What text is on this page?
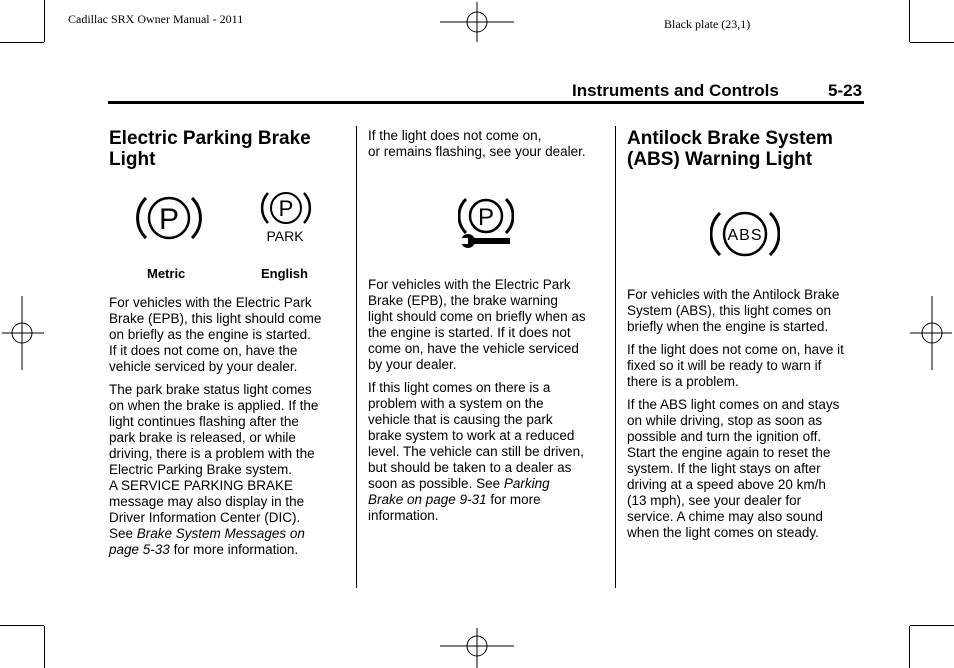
Cadillac SRX Owner Manual - 2011	Black plate (23,1)
Instruments and Controls	5-23
Electric Parking Brake
Light
P	P
PARK
Metric	English

For vehicles with the Electric Park
Brake (EPB), this light should come
on briefly as the engine is started.
If it does not come on, have the
vehicle serviced by your dealer.

The park brake status light comes
on when the brake is applied. If the
light continues flashing after the
park brake is released, or while
driving, there is a problem with the
Electric Parking Brake system.
A SERVICE PARKING BRAKE
message may also display in the
Driver Information Center (DIC).
See Brake System Messages on
page 5-33 for more information.

If the light does not come on,
or remains flashing, see your dealer.

P

For vehicles with the Electric Park
Brake (EPB), the brake warning
light should come on briefly when as
the engine is started. If it does not
come on, have the vehicle serviced
by your dealer.

If this light comes on there is a
problem with a system on the
vehicle that is causing the park
brake system to work at a reduced
level. The vehicle can still be driven,
but should be taken to a dealer as
soon as possible. See Parking
Brake on page 9-31 for more
information.

Antilock Brake System
(ABS) Warning Light
ABS

For vehicles with the Antilock Brake
System (ABS), this light comes on
briefly when the engine is started.

If the light does not come on, have it
fixed so it will be ready to warn if
there is a problem.

If the ABS light comes on and stays
on while driving, stop as soon as
possible and turn the ignition off.
Start the engine again to reset the
system. If the light stays on after
driving at a speed above 20 km/h
(13 mph), see your dealer for
service. A chime may also sound
when the light comes on steady.
